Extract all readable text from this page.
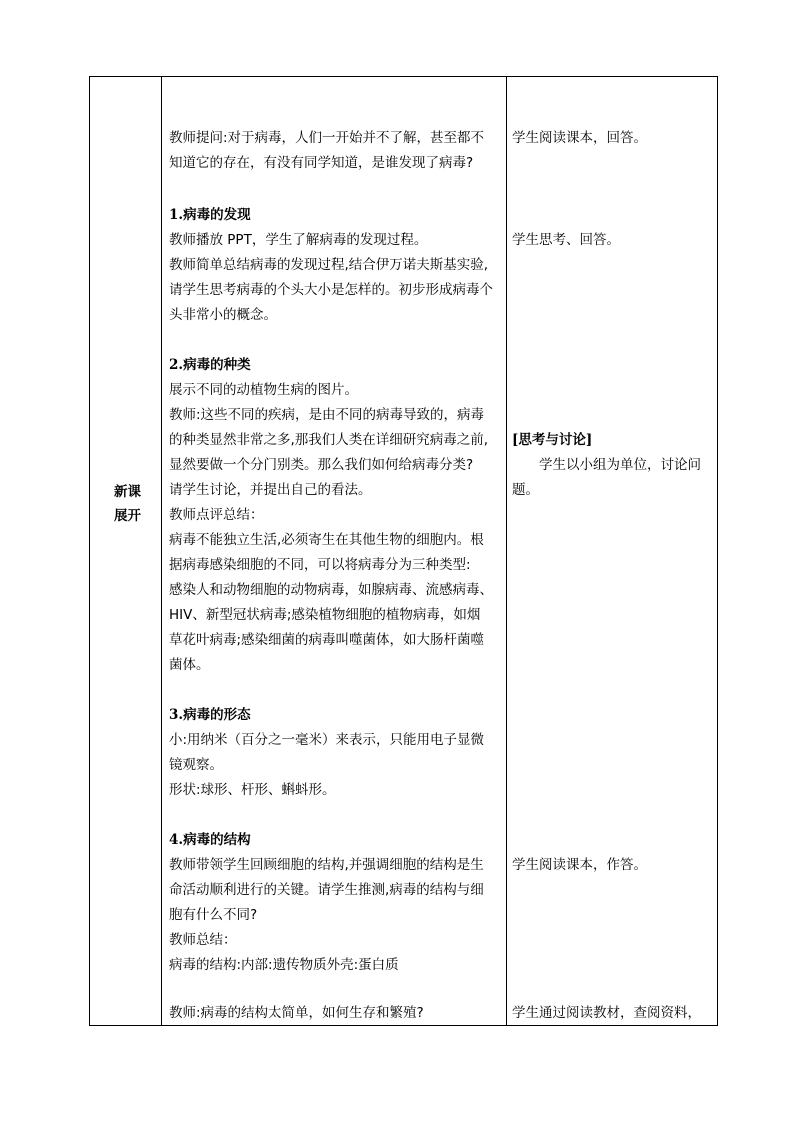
新课
展开
教师提问:对于病毒，人们一开始并不了解，甚至都不
知道它的存在，有没有同学知道，是谁发现了病毒?
1.病毒的发现
教师播放 PPT，学生了解病毒的发现过程。
教师简单总结病毒的发现过程,结合伊万诺夫斯基实验,
请学生思考病毒的个头大小是怎样的。初步形成病毒个
头非常小的概念。
2.病毒的种类
展示不同的动植物生病的图片。
教师:这些不同的疾病，是由不同的病毒导致的，病毒
的种类显然非常之多,那我们人类在详细研究病毒之前,
显然要做一个分门别类。那么我们如何给病毒分类?
请学生讨论，并提出自己的看法。
教师点评总结：
病毒不能独立生活,必须寄生在其他生物的细胞内。根
据病毒感染细胞的不同，可以将病毒分为三种类型:
感染人和动物细胞的动物病毒，如腺病毒、流感病毒、
HIV、新型冠状病毒;感染植物细胞的植物病毒，如烟
草花叶病毒;感染细菌的病毒叫噬菌体，如大肠杆菌噬
菌体。
3.病毒的形态
小:用纳米（百分之一毫米）来表示，只能用电子显微
镜观察。
形状:球形、杆形、蝌蚪形。
4.病毒的结构
教师带领学生回顾细胞的结构,并强调细胞的结构是生
命活动顺利进行的关键。请学生推测,病毒的结构与细
胞有什么不同?
教师总结：
病毒的结构:内部:遗传物质外壳:蛋白质
教师:病毒的结构太简单，如何生存和繁殖?
学生阅读课本，回答。
学生思考、回答。
[思考与讨论]
学生以小组为单位，讨论问
题。
学生阅读课本，作答。
学生通过阅读教材，查阅资料，
